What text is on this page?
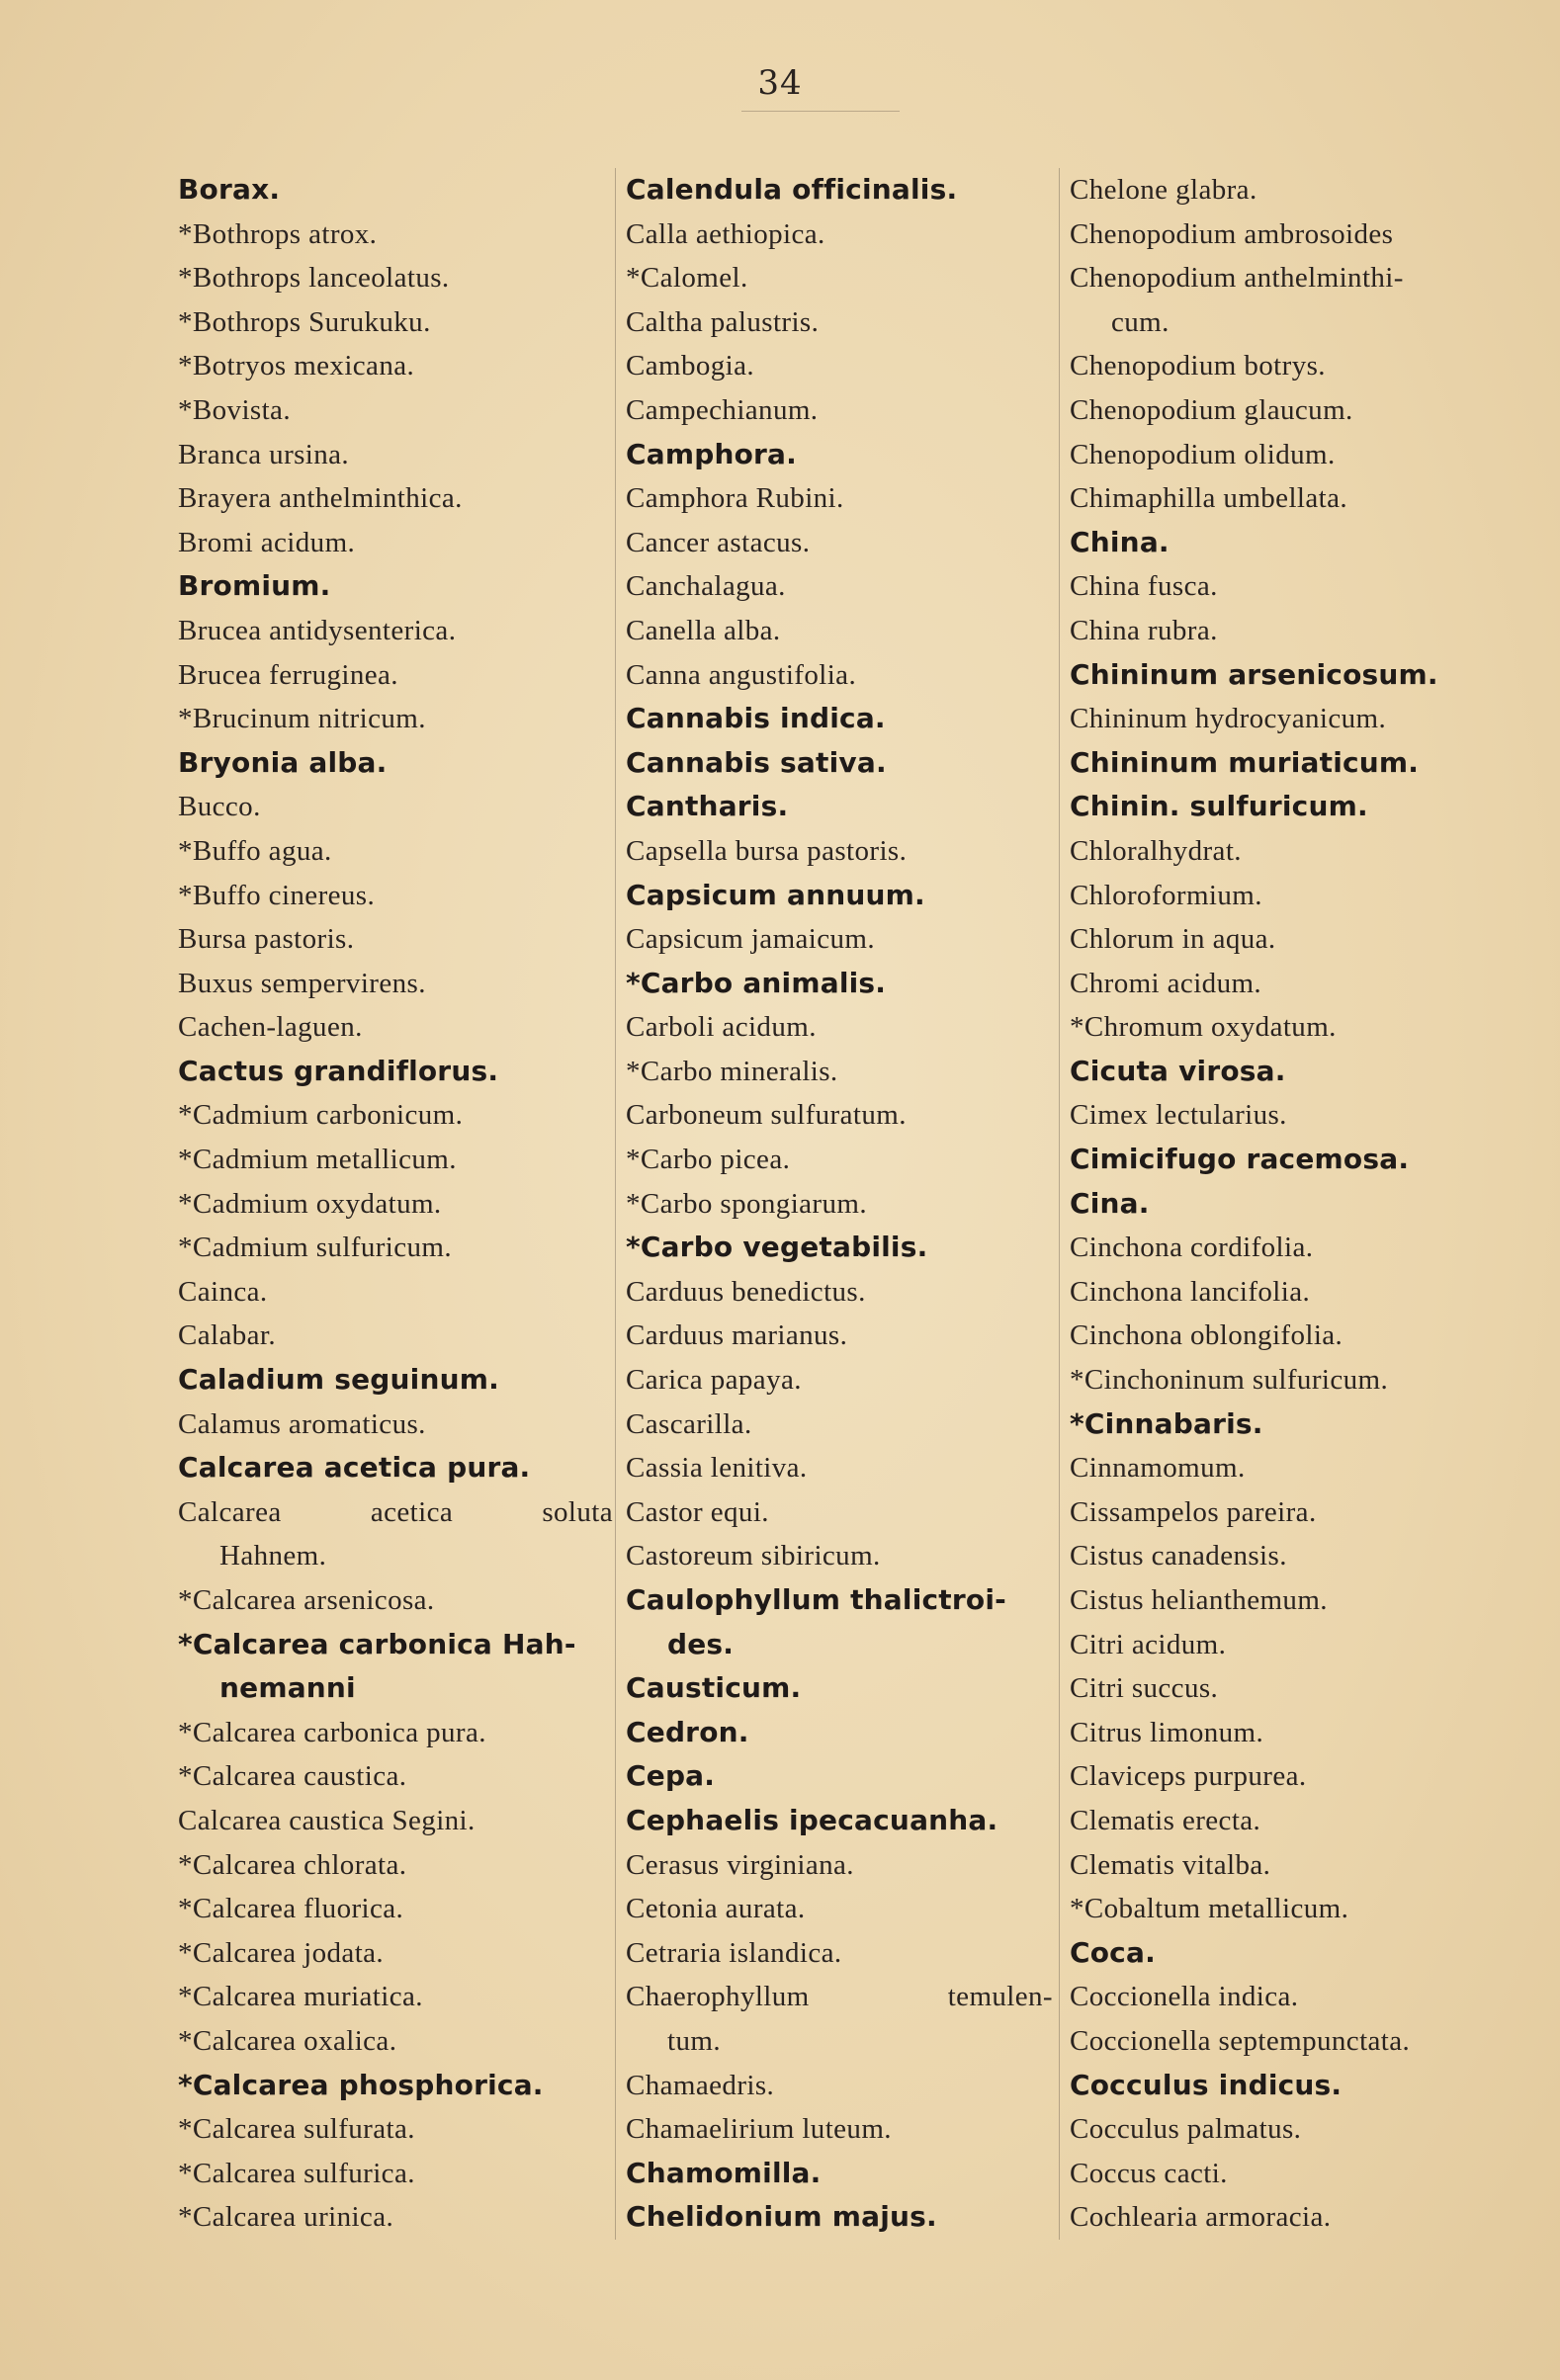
34
Borax.
*Bothrops atrox.
*Bothrops lanceolatus.
*Bothrops Surukuku.
*Botryos mexicana.
*Bovista.
Branca ursina.
Brayera anthelminthica.
Bromi acidum.
Bromium.
Brucea antidysenterica.
Brucea ferruginea.
*Brucinum nitricum.
Bryonia alba.
Bucco.
*Buffo agua.
*Buffo cinereus.
Bursa pastoris.
Buxus sempervirens.
Cachen-laguen.
Cactus grandiflorus.
*Cadmium carbonicum.
*Cadmium metallicum.
*Cadmium oxydatum.
*Cadmium sulfuricum.
Cainca.
Calabar.
Caladium seguinum.
Calamus aromaticus.
Calcarea acetica pura.
Calcarea acetica soluta
Hahnem.
*Calcarea arsenicosa.
*Calcarea carbonica Hah-
nemanni
*Calcarea carbonica pura.
*Calcarea caustica.
Calcarea caustica Segini.
*Calcarea chlorata.
*Calcarea fluorica.
*Calcarea jodata.
*Calcarea muriatica.
*Calcarea oxalica.
*Calcarea phosphorica.
*Calcarea sulfurata.
*Calcarea sulfurica.
*Calcarea urinica.
Calendula officinalis.
Calla aethiopica.
*Calomel.
Caltha palustris.
Cambogia.
Campechianum.
Camphora.
Camphora Rubini.
Cancer astacus.
Canchalagua.
Canella alba.
Canna angustifolia.
Cannabis indica.
Cannabis sativa.
Cantharis.
Capsella bursa pastoris.
Capsicum annuum.
Capsicum jamaicum.
*Carbo animalis.
Carboli acidum.
*Carbo mineralis.
Carboneum sulfuratum.
*Carbo picea.
*Carbo spongiarum.
*Carbo vegetabilis.
Carduus benedictus.
Carduus marianus.
Carica papaya.
Cascarilla.
Cassia lenitiva.
Castor equi.
Castoreum sibiricum.
Caulophyllum thalictroi-
des.
Causticum.
Cedron.
Cepa.
Cephaelis ipecacuanha.
Cerasus virginiana.
Cetonia aurata.
Cetraria islandica.
Chaerophyllum temulen-
tum.
Chamaedris.
Chamaelirium luteum.
Chamomilla.
Chelidonium majus.
Chelone glabra.
Chenopodium ambrosoides
Chenopodium anthelminthi-
cum.
Chenopodium botrys.
Chenopodium glaucum.
Chenopodium olidum.
Chimaphilla umbellata.
China.
China fusca.
China rubra.
Chininum arsenicosum.
Chininum hydrocyanicum.
Chininum muriaticum.
Chinin. sulfuricum.
Chloralhydrat.
Chloroformium.
Chlorum in aqua.
Chromi acidum.
*Chromum oxydatum.
Cicuta virosa.
Cimex lectularius.
Cimicifugo racemosa.
Cina.
Cinchona cordifolia.
Cinchona lancifolia.
Cinchona oblongifolia.
*Cinchoninum sulfuricum.
*Cinnabaris.
Cinnamomum.
Cissampelos pareira.
Cistus canadensis.
Cistus helianthemum.
Citri acidum.
Citri succus.
Citrus limonum.
Claviceps purpurea.
Clematis erecta.
Clematis vitalba.
*Cobaltum metallicum.
Coca.
Coccionella indica.
Coccionella septempunctata.
Cocculus indicus.
Cocculus palmatus.
Coccus cacti.
Cochlearia armoracia.
